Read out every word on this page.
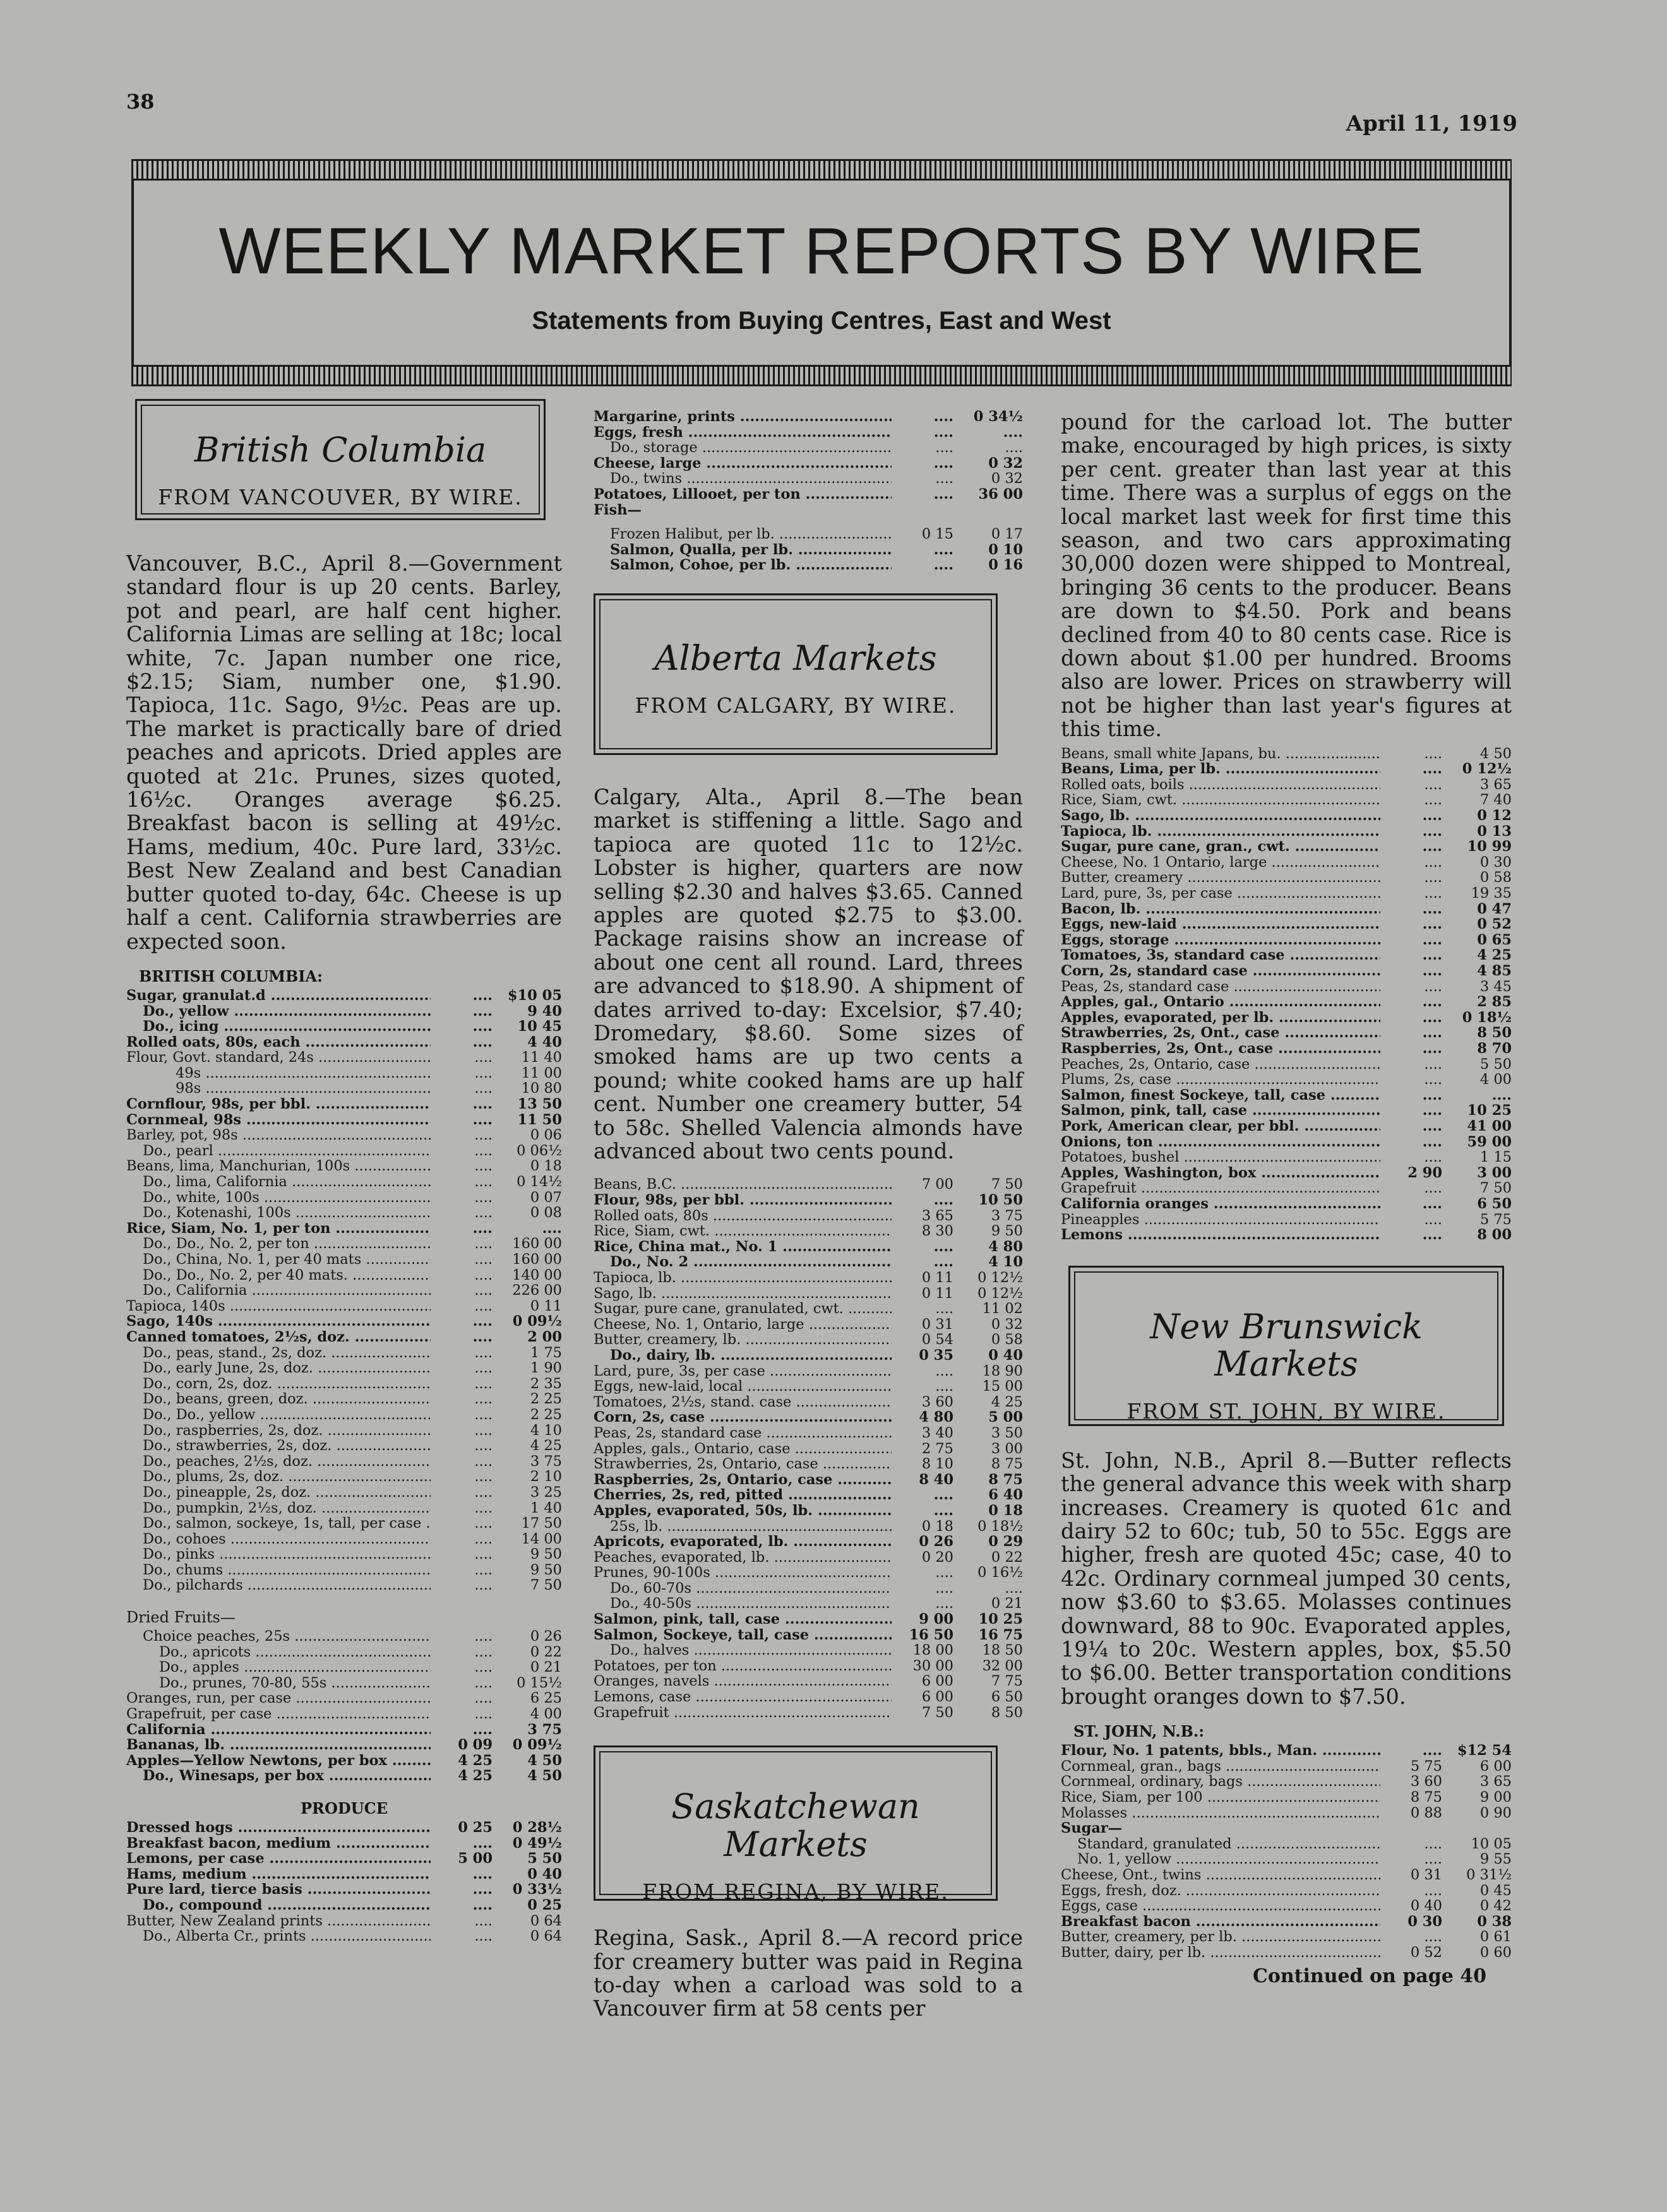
38
April 11, 1919
WEEKLY MARKET REPORTS BY WIRE
Statements from Buying Centres, East and West
British Columbia
FROM VANCOUVER, BY WIRE.

Vancouver, B.C., April 8.—Government standard flour is up 20 cents. Barley, pot and pearl, are half cent higher. California Limas are selling at 18c; local white, 7c. Japan number one rice, $2.15; Siam, number one, $1.90. Tapioca, 11c. Sago, 9½c. Peas are up. The market is practically bare of dried peaches and apricots. Dried apples are quoted at 21c. Prunes, sizes quoted, 16½c. Oranges average $6.25. Breakfast bacon is selling at 49½c. Hams, medium, 40c. Pure lard, 33½c. Best New Zealand and best Canadian butter quoted to-day, 64c. Cheese is up half a cent. California strawberries are expected soon.

BRITISH COLUMBIA:
Sugar, granulat.d .....	....	$10 05
Do., yellow .....	....	9 40
Do., icing .....	....	10 45
Rolled oats, 80s, each .....	....	4 40
Flour, Govt. standard, 24s .....	....	11 40
49s .....	....	11 00
98s .....	....	10 80
Cornflour, 98s, per bbl. .....	....	13 50
Cornmeal, 98s .....	....	11 50
Barley, pot, 98s .....	....	0 06
Do., pearl .....	....	0 06½
Beans, lima, Manchurian, 100s .....	....	0 18
Do., lima, California .....	....	0 14½
Do., white, 100s .....	....	0 07
Do., Kotenashi, 100s .....	....	0 08
Rice, Siam, No. 1, per ton .....	....	....
Do., Do., No. 2, per ton .....	....	160 00
Do., China, No. 1, per 40 mats .....	....	160 00
Do., Do., No. 2, per 40 mats. .....	....	140 00
Do., California .....	....	226 00
Tapioca, 140s .....	....	0 11
Sago, 140s .....	....	0 09½
Canned tomatoes, 2½s, doz. .....	....	2 00
Do., peas, stand., 2s, doz. .....	....	1 75
Do., early June, 2s, doz. .....	....	1 90
Do., corn, 2s, doz. .....	....	2 35
Do., beans, green, doz. .....	....	2 25
Do., Do., yellow .....	....	2 25
Do., raspberries, 2s, doz. .....	....	4 10
Do., strawberries, 2s, doz. .....	....	4 25
Do., peaches, 2½s, doz. .....	....	3 75
Do., plums, 2s, doz. .....	....	2 10
Do., pineapple, 2s, doz. .....	....	3 25
Do., pumpkin, 2½s, doz. .....	....	1 40
Do., salmon, sockeye, 1s, tall, per case .....	....	17 50
Do., cohoes .....	....	14 00
Do., pinks .....	....	9 50
Do., chums .....	....	9 50
Do., pilchards .....	....	7 50
Dried Fruits—
Choice peaches, 25s .....	....	0 26
Do., apricots .....	....	0 22
Do., apples .....	....	0 21
Do., prunes, 70-80, 55s .....	....	0 15½
Oranges, run, per case .....	....	6 25
Grapefruit, per case .....	....	4 00
California .....	....	3 75
Bananas, lb. .....	0 09	0 09½
Apples—Yellow Newtons, per box .....	4 25	4 50
Do., Winesaps, per box .....	4 25	4 50
PRODUCE
Dressed hogs .....	0 25	0 28½
Breakfast bacon, medium .....	....	0 49½
Lemons, per case .....	5 00	5 50
Hams, medium .....	....	0 40
Pure lard, tierce basis .....	....	0 33½
Do., compound .....	....	0 25
Butter, New Zealand prints .....	....	0 64
Do., Alberta Cr., prints .....	....	0 64
Margarine, prints .....	....	0 34½
Eggs, fresh .....	....	....
Do., storage .....	....	....
Cheese, large .....	....	0 32
Do., twins .....	....	0 32
Potatoes, Lillooet, per ton .....	....	36 00
Fish—
Frozen Halibut, per lb. .....	0 15	0 17
Salmon, Qualla, per lb. .....	....	0 10
Salmon, Cohoe, per lb. .....	....	0 16
Alberta Markets
FROM CALGARY, BY WIRE.

Calgary, Alta., April 8.—The bean market is stiffening a little. Sago and tapioca are quoted 11c to 12½c. Lobster is higher, quarters are now selling $2.30 and halves $3.65. Canned apples are quoted $2.75 to $3.00. Package raisins show an increase of about one cent all round. Lard, threes are advanced to $18.90. A shipment of dates arrived to-day: Excelsior, $7.40; Dromedary, $8.60. Some sizes of smoked hams are up two cents a pound; white cooked hams are up half cent. Number one creamery butter, 54 to 58c. Shelled Valencia almonds have advanced about two cents pound.

Beans, B.C. .....	7 00	7 50
Flour, 98s, per bbl. .....	....	10 50
Rolled oats, 80s .....	3 65	3 75
Rice, Siam, cwt. .....	8 30	9 50
Rice, China mat., No. 1 .....	....	4 80
Do., No. 2 .....	....	4 10
Tapioca, lb. .....	0 11	0 12½
Sago, lb. .....	0 11	0 12½
Sugar, pure cane, granulated, cwt. .....	....	11 02
Cheese, No. 1, Ontario, large .....	0 31	0 32
Butter, creamery, lb. .....	0 54	0 58
Do., dairy, lb. .....	0 35	0 40
Lard, pure, 3s, per case .....	....	18 90
Eggs, new-laid, local .....	....	15 00
Tomatoes, 2½s, stand. case .....	3 60	4 25
Corn, 2s, case .....	4 80	5 00
Peas, 2s, standard case .....	3 40	3 50
Apples, gals., Ontario, case .....	2 75	3 00
Strawberries, 2s, Ontario, case .....	8 10	8 75
Raspberries, 2s, Ontario, case .....	8 40	8 75
Cherries, 2s, red, pitted .....	....	6 40
Apples, evaporated, 50s, lb. .....	....	0 18
25s, lb. .....	0 18	0 18½
Apricots, evaporated, lb. .....	0 26	0 29
Peaches, evaporated, lb. .....	0 20	0 22
Prunes, 90-100s .....	....	0 16½
Do., 60-70s .....	....	....
Do., 40-50s .....	....	0 21
Salmon, pink, tall, case .....	9 00	10 25
Salmon, Sockeye, tall, case .....	16 50	16 75
Do., halves .....	18 00	18 50
Potatoes, per ton .....	30 00	32 00
Oranges, navels .....	6 00	7 75
Lemons, case .....	6 00	6 50
Grapefruit .....	7 50	8 50
Saskatchewan Markets
FROM REGINA, BY WIRE.

Regina, Sask., April 8.—A record price for creamery butter was paid in Regina to-day when a carload was sold to a Vancouver firm at 58 cents per

pound for the carload lot. The butter make, encouraged by high prices, is sixty per cent. greater than last year at this time. There was a surplus of eggs on the local market last week for first time this season, and two cars approximating 30,000 dozen were shipped to Montreal, bringing 36 cents to the producer. Beans are down to $4.50. Pork and beans declined from 40 to 80 cents case. Rice is down about $1.00 per hundred. Brooms also are lower. Prices on strawberry will not be higher than last year's figures at this time.

Beans, small white Japans, bu. .....	....	4 50
Beans, Lima, per lb. .....	....	0 12½
Rolled oats, boils .....	....	3 65
Rice, Siam, cwt. .....	....	7 40
Sago, lb. .....	....	0 12
Tapioca, lb. .....	....	0 13
Sugar, pure cane, gran., cwt. .....	....	10 99
Cheese, No. 1 Ontario, large .....	....	0 30
Butter, creamery .....	....	0 58
Lard, pure, 3s, per case .....	....	19 35
Bacon, lb. .....	....	0 47
Eggs, new-laid .....	....	0 52
Eggs, storage .....	....	0 65
Tomatoes, 3s, standard case .....	....	4 25
Corn, 2s, standard case .....	....	4 85
Peas, 2s, standard case .....	....	3 45
Apples, gal., Ontario .....	....	2 85
Apples, evaporated, per lb. .....	....	0 18½
Strawberries, 2s, Ont., case .....	....	8 50
Raspberries, 2s, Ont., case .....	....	8 70
Peaches, 2s, Ontario, case .....	....	5 50
Plums, 2s, case .....	....	4 00
Salmon, finest Sockeye, tall, case .....	....	....
Salmon, pink, tall, case .....	....	10 25
Pork, American clear, per bbl. .....	....	41 00
Onions, ton .....	....	59 00
Potatoes, bushel .....	....	1 15
Apples, Washington, box .....	2 90	3 00
Grapefruit .....	....	7 50
California oranges .....	....	6 50
Pineapples .....	....	5 75
Lemons .....	....	8 00
New Brunswick Markets
FROM ST. JOHN, BY WIRE.

St. John, N.B., April 8.—Butter reflects the general advance this week with sharp increases. Creamery is quoted 61c and dairy 52 to 60c; tub, 50 to 55c. Eggs are higher, fresh are quoted 45c; case, 40 to 42c. Ordinary cornmeal jumped 30 cents, now $3.60 to $3.65. Molasses continues downward, 88 to 90c. Evaporated apples, 19¼ to 20c. Western apples, box, $5.50 to $6.00. Better transportation conditions brought oranges down to $7.50.

ST. JOHN, N.B.:
Flour, No. 1 patents, bbls., Man. .....	....	$12 54
Cornmeal, gran., bags .....	5 75	6 00
Cornmeal, ordinary, bags .....	3 60	3 65
Rice, Siam, per 100 .....	8 75	9 00
Molasses .....	0 88	0 90
Sugar—
Standard, granulated .....	....	10 05
No. 1, yellow .....	....	9 55
Cheese, Ont., twins .....	0 31	0 31½
Eggs, fresh, doz. .....	....	0 45
Eggs, case .....	0 40	0 42
Breakfast bacon .....	0 30	0 38
Butter, creamery, per lb. .....	....	0 61
Butter, dairy, per lb. .....	0 52	0 60
Continued on page 40
